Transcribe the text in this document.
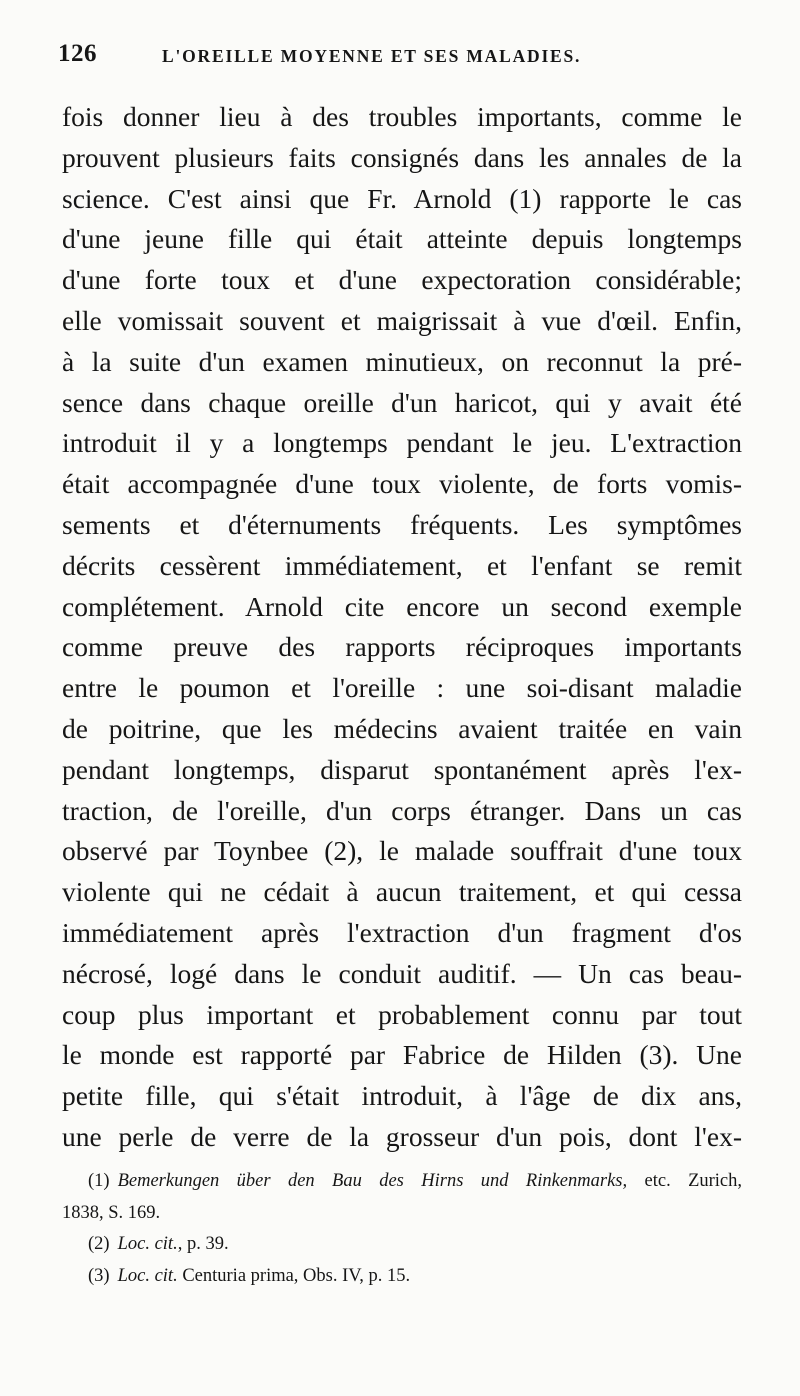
126	L'OREILLE MOYENNE ET SES MALADIES.
fois donner lieu à des troubles importants, comme le
prouvent plusieurs faits consignés dans les annales de la
science. C'est ainsi que Fr. Arnold (1) rapporte le cas
d'une jeune fille qui était atteinte depuis longtemps
d'une forte toux et d'une expectoration considérable;
elle vomissait souvent et maigrissait à vue d'œil. Enfin,
à la suite d'un examen minutieux, on reconnut la pré-
sence dans chaque oreille d'un haricot, qui y avait été
introduit il y a longtemps pendant le jeu. L'extraction
était accompagnée d'une toux violente, de forts vomis-
sements et d'éternuments fréquents. Les symptômes
décrits cessèrent immédiatement, et l'enfant se remit
complétement. Arnold cite encore un second exemple
comme preuve des rapports réciproques importants
entre le poumon et l'oreille : une soi-disant maladie
de poitrine, que les médecins avaient traitée en vain
pendant longtemps, disparut spontanément après l'ex-
traction, de l'oreille, d'un corps étranger. Dans un cas
observé par Toynbee (2), le malade souffrait d'une toux
violente qui ne cédait à aucun traitement, et qui cessa
immédiatement après l'extraction d'un fragment d'os
nécrosé, logé dans le conduit auditif. — Un cas beau-
coup plus important et probablement connu par tout
le monde est rapporté par Fabrice de Hilden (3). Une
petite fille, qui s'était introduit, à l'âge de dix ans,
une perle de verre de la grosseur d'un pois, dont l'ex-
(1) Bemerkungen über den Bau des Hirns und Rinkenmarks, etc. Zurich,
1838, S. 169.
(2) Loc. cit., p. 39.
(3) Loc. cit. Centuria prima, Obs. IV, p. 15.
